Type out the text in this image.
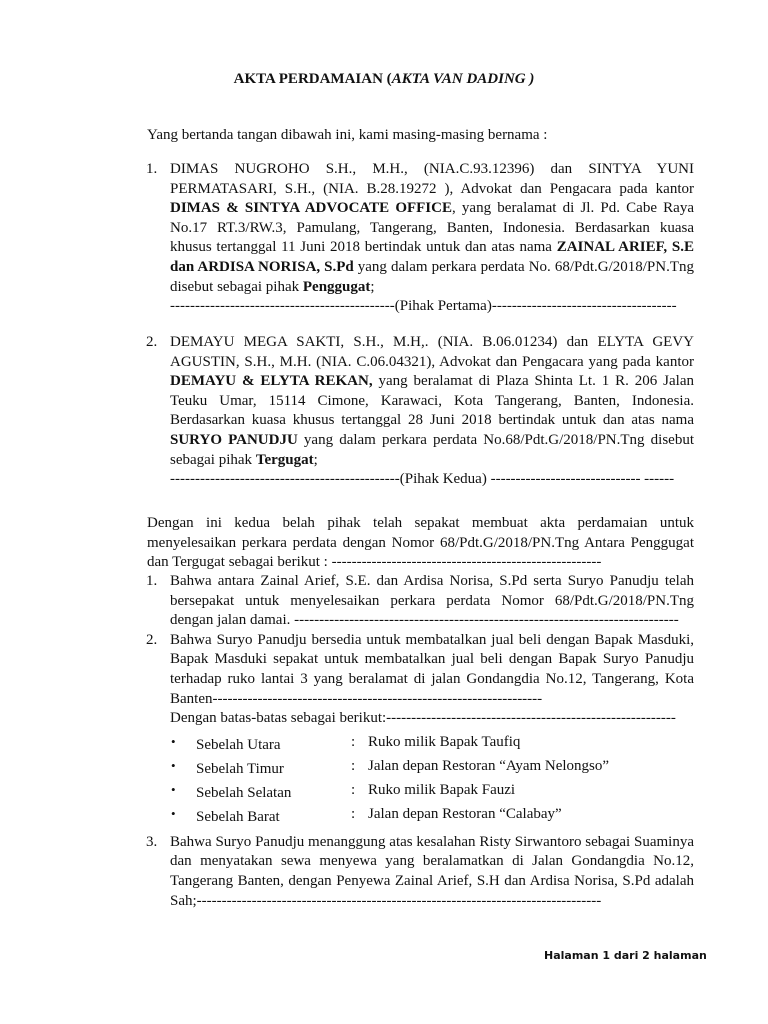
AKTA PERDAMAIAN (AKTA VAN DADING )
Yang bertanda tangan dibawah ini, kami masing-masing bernama :
1. DIMAS NUGROHO S.H., M.H., (NIA.C.93.12396) dan SINTYA YUNI PERMATASARI, S.H., (NIA. B.28.19272 ), Advokat dan Pengacara pada kantor DIMAS & SINTYA ADVOCATE OFFICE, yang beralamat di Jl. Pd. Cabe Raya No.17 RT.3/RW.3, Pamulang, Tangerang, Banten, Indonesia. Berdasarkan kuasa khusus tertanggal 11 Juni 2018 bertindak untuk dan atas nama ZAINAL ARIEF, S.E dan ARDISA NORISA, S.Pd yang dalam perkara perdata No. 68/Pdt.G/2018/PN.Tng disebut sebagai pihak Penggugat;
---------------------------------------------(Pihak Pertama)-------------------------------------
2. DEMAYU MEGA SAKTI, S.H., M.H,. (NIA. B.06.01234) dan ELYTA GEVY AGUSTIN, S.H., M.H. (NIA. C.06.04321), Advokat dan Pengacara yang pada kantor DEMAYU & ELYTA REKAN, yang beralamat di Plaza Shinta Lt. 1 R. 206 Jalan Teuku Umar, 15114 Cimone, Karawaci, Kota Tangerang, Banten, Indonesia. Berdasarkan kuasa khusus tertanggal 28 Juni 2018 bertindak untuk dan atas nama SURYO PANUDJU yang dalam perkara perdata No.68/Pdt.G/2018/PN.Tng disebut sebagai pihak Tergugat;
----------------------------------------------(Pihak Kedua) ------------------------------ ------
Dengan ini kedua belah pihak telah sepakat membuat akta perdamaian untuk menyelesaikan perkara perdata dengan Nomor 68/Pdt.G/2018/PN.Tng Antara Penggugat dan Tergugat sebagai berikut : ------------------------------------------------------
1. Bahwa antara Zainal Arief, S.E. dan Ardisa Norisa, S.Pd serta Suryo Panudju telah bersepakat untuk menyelesaikan perkara perdata Nomor 68/Pdt.G/2018/PN.Tng dengan jalan damai. -----------------------------------------------------------------------------
2. Bahwa Suryo Panudju bersedia untuk membatalkan jual beli dengan Bapak Masduki, Bapak Masduki sepakat untuk membatalkan jual beli dengan Bapak Suryo Panudju terhadap ruko lantai 3 yang beralamat di jalan Gondangdia No.12, Tangerang, Kota Banten------------------------------------------------------------------
Dengan batas-batas sebagai berikut:----------------------------------------------------------
• Sebelah Utara	: Ruko milik Bapak Taufiq
• Sebelah Timur	: Jalan depan Restoran “Ayam Nelongso”
• Sebelah Selatan	: Ruko milik Bapak Fauzi
• Sebelah Barat	: Jalan depan Restoran “Calabay”
3. Bahwa Suryo Panudju menanggung atas kesalahan Risty Sirwantoro sebagai Suaminya dan menyatakan sewa menyewa yang beralamatkan di Jalan Gondangdia No.12, Tangerang Banten, dengan Penyewa Zainal Arief, S.H dan Ardisa Norisa, S.Pd adalah Sah;---------------------------------------------------------------------------------
Halaman 1 dari 2 halaman
